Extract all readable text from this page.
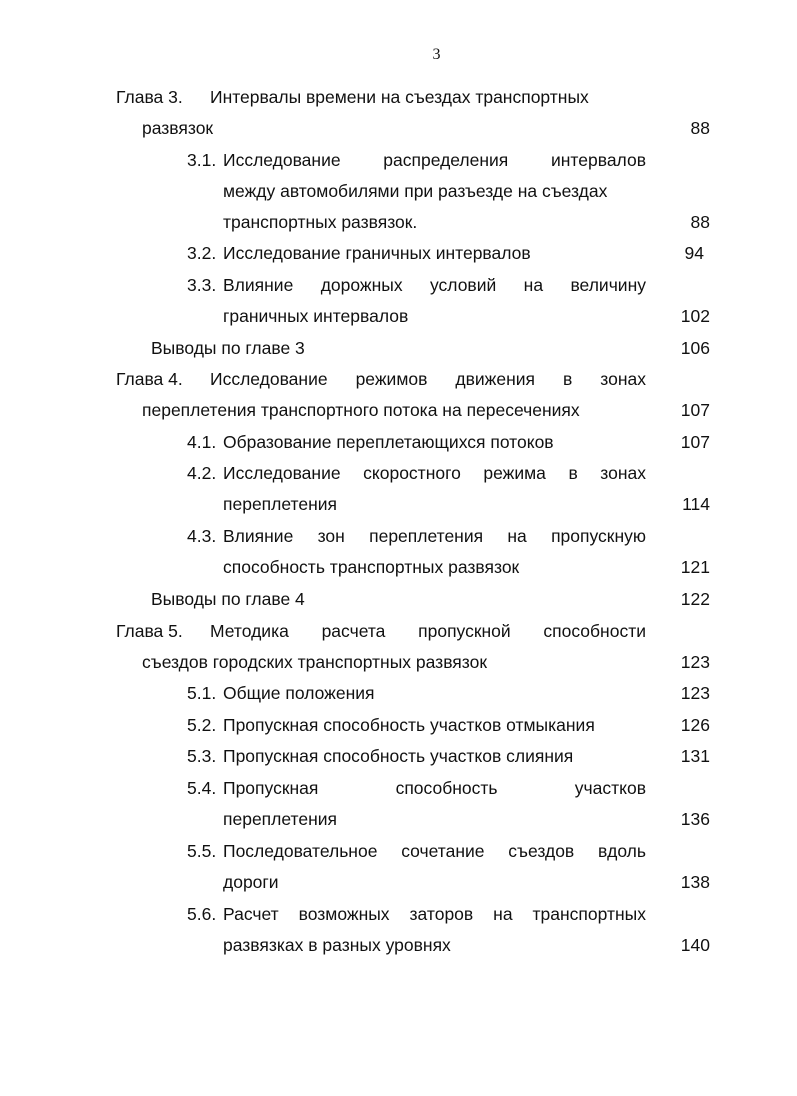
3
Глава 3. Интервалы времени на съездах транспортных
развязок	88
3.1. Исследование распределения интервалов
между автомобилями при разъезде на съездах
транспортных развязок.	88
3.2. Исследование граничных интервалов	94
3.3. Влияние дорожных условий на величину
граничных интервалов	102
Выводы по главе 3	106
Глава 4. Исследование режимов движения в зонах
переплетения транспортного потока на пересечениях	107
4.1. Образование переплетающихся потоков	107
4.2. Исследование скоростного режима в зонах
переплетения	114
4.3. Влияние зон переплетения на пропускную
способность транспортных развязок	121
Выводы по главе 4	122
Глава 5. Методика расчета пропускной способности
съездов городских транспортных развязок	123
5.1. Общие положения	123
5.2. Пропускная способность участков отмыкания	126
5.3. Пропускная способность участков слияния	131
5.4. Пропускная способность участков
переплетения	136
5.5. Последовательное сочетание съездов вдоль
дороги	138
5.6. Расчет возможных заторов на транспортных
развязках в разных уровнях	140
